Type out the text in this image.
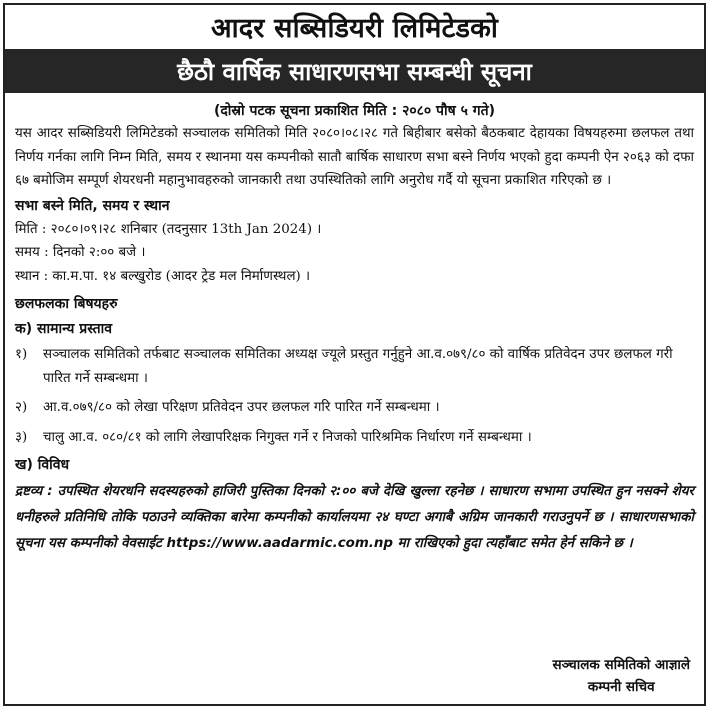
आदर सब्सिडियरी लिमिटेडको
छैठौ वार्षिक साधारणसभा सम्बन्धी सूचना
(दोस्रो पटक सूचना प्रकाशित मिति : २०८० पौष ५ गते)

यस आदर सब्सिडियरी लिमिटेडको सञ्चालक समितिको मिति २०८०।०८।२८ गते बिहीबार बसेको बैठकबाट देहायका विषयहरुमा छलफल तथा निर्णय गर्नका लागि निम्न मिति, समय र स्थानमा यस कम्पनीको सातौ बार्षिक साधारण सभा बस्ने निर्णय भएको हुदा कम्पनी ऐन २०६३ को दफा ६७ बमोजिम सम्पूर्ण शेयरधनी महानुभावहरुको जानकारी तथा उपस्थितिको लागि अनुरोध गर्दै यो सूचना प्रकाशित गरिएको छ ।

सभा बस्ने मिति, समय र स्थान
मिति : २०८०।०९।२८ शनिबार (तदनुसार 13th Jan 2024) ।
समय : दिनको २:०० बजे ।
स्थान : का.म.पा. १४ बल्खुरोड (आदर ट्रेड मल निर्माणस्थल) ।
छलफलका बिषयहरु
क) सामान्य प्रस्ताव
१)	सञ्चालक समितिको तर्फबाट सञ्चालक समितिका अध्यक्ष ज्यूले प्रस्तुत गर्नुहुने आ.व.०७९/८० को वार्षिक प्रतिवेदन उपर छलफल गरी पारित गर्ने सम्बन्धमा ।
२)	आ.व.०७९/८० को लेखा परिक्षण प्रतिवेदन उपर छलफल गरि पारित गर्ने सम्बन्धमा ।
३)	चालु आ.व. ०८०/८१ को लागि लेखापरिक्षक निगुक्त गर्ने र निजको पारिश्रमिक निर्धारण गर्ने सम्बन्धमा ।
ख) विविध

द्रष्टव्य : उपस्थित शेयरधनि सदस्यहरुको हाजिरी पुस्तिका दिनको २:०० बजे देखि खुल्ला रहनेछ । साधारण सभामा उपस्थित हुन नसक्ने शेयर धनीहरुले प्रतिनिधि तोकि पठाउने व्यक्तिका बारेमा कम्पनीको कार्यालयमा २४ घण्टा अगाबै अग्रिम जानकारी गराउनुपर्ने छ । साधारणसभाको सूचना यस कम्पनीको वेवसाईट https://www.aadarmic.com.np मा राखिएको हुदा त्यहाँबाट समेत हेर्न सकिने छ ।

सञ्चालक समितिको आज्ञाले
कम्पनी सचिव
